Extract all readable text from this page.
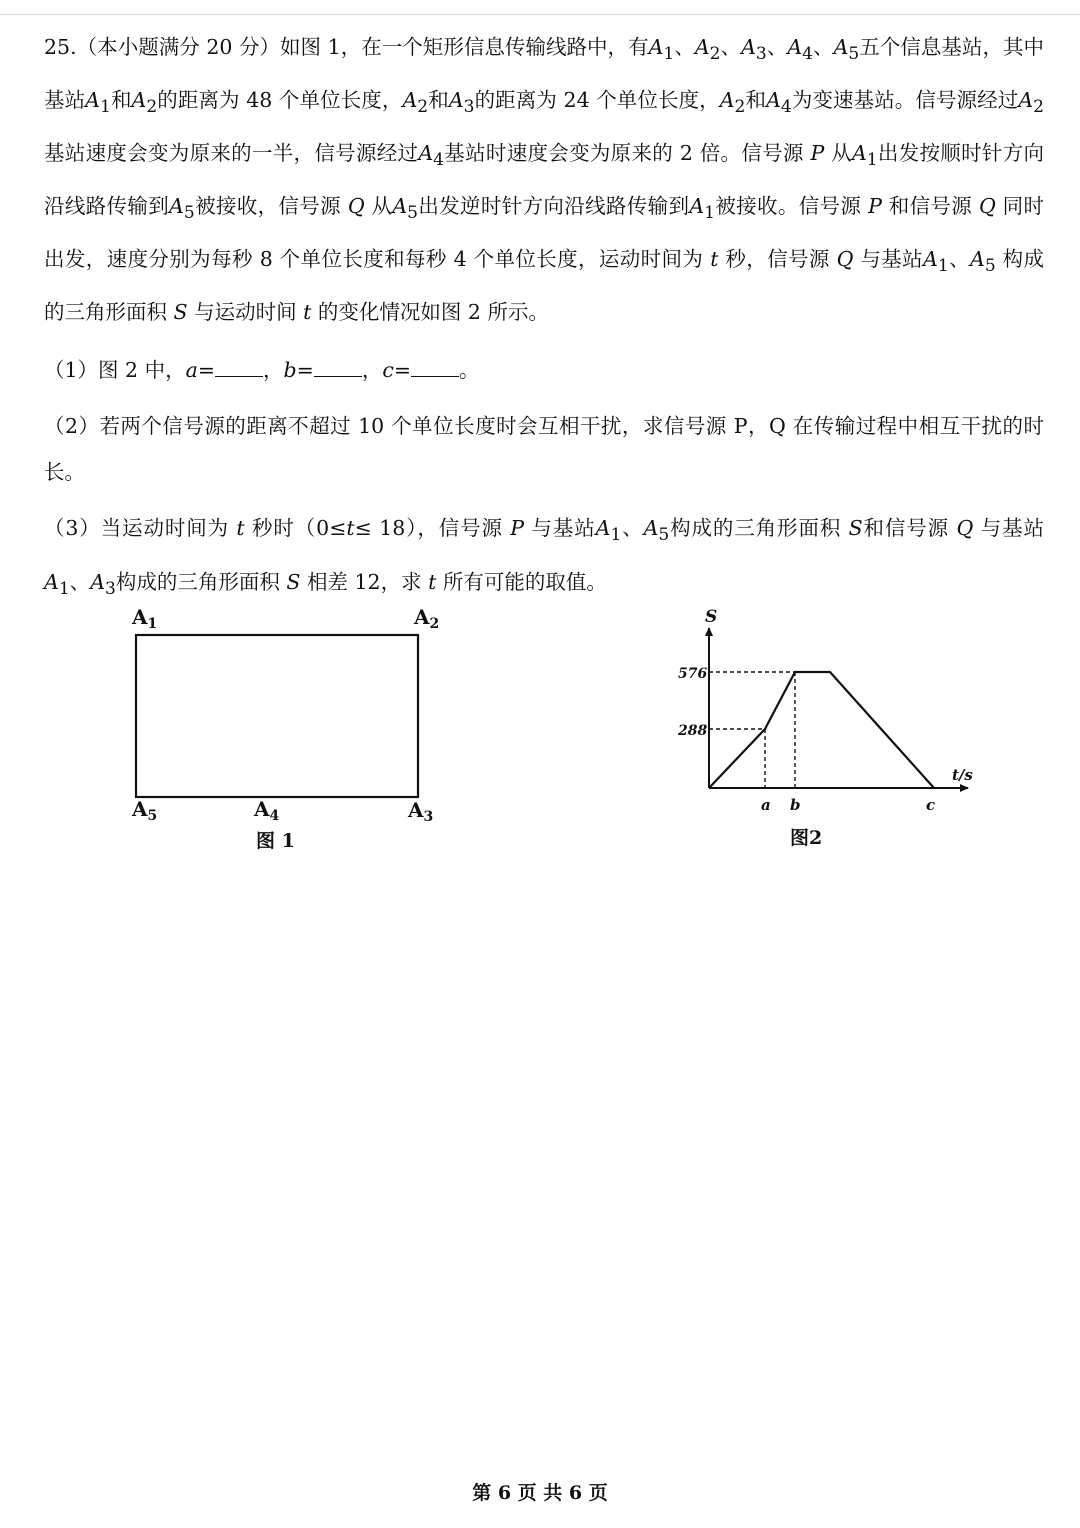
25.（本小题满分 20 分）如图 1，在一个矩形信息传输线路中，有$A_1$、$A_2$、$A_3$、$A_4$、$A_5$五个信息基站，其中基站$A_1$和$A_2$的距离为 48 个单位长度，$A_2$和$A_3$的距离为 24 个单位长度，$A_2$和$A_4$为变速基站。信号源经过$A_2$基站速度会变为原来的一半，信号源经过$A_4$基站时速度会变为原来的 2 倍。信号源 P 从$A_1$出发按顺时针方向沿线路传输到$A_5$被接收，信号源 Q 从$A_5$出发逆时针方向沿线路传输到$A_1$被接收。信号源 P 和信号源 Q 同时出发，速度分别为每秒 8 个单位长度和每秒 4 个单位长度，运动时间为 t 秒，信号源 Q 与基站$A_1$、$A_5$ 构成的三角形面积 S 与运动时间 t 的变化情况如图 2 所示。

（1）图 2 中，a= ，b= ，c= 。

（2）若两个信号源的距离不超过 10 个单位长度时会互相干扰，求信号源 P，Q 在传输过程中相互干扰的时长。

（3）当运动时间为 t 秒时（0≤t≤ 18），信号源 P 与基站$A_1$、$A_5$构成的三角形面积 S和信号源 Q 与基站$A_1$、$A_3$构成的三角形面积 S 相差 12，求 t 所有可能的取值。

$A_1$	$A_2$
$A_3$
$A_4$
$A_5$
图 1
S
t/s
576
288
a b	c
图2
第 6 页 共 6 页
